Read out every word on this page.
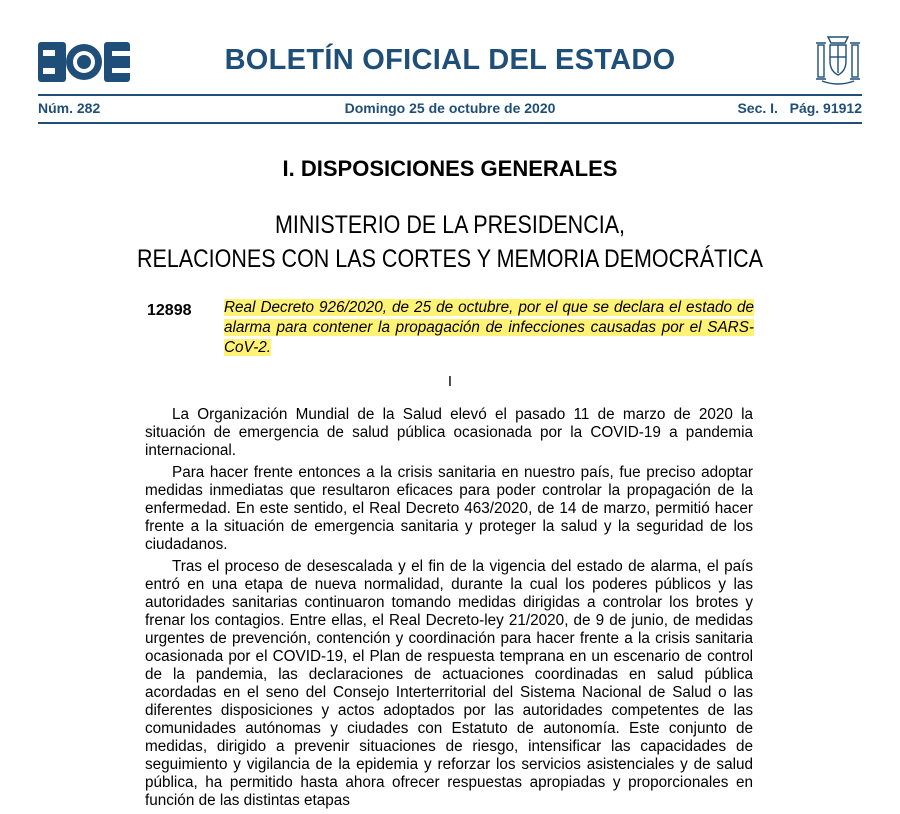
BOLETÍN OFICIAL DEL ESTADO
Núm. 282	Domingo 25 de octubre de 2020	Sec. I.   Pág. 91912
I. DISPOSICIONES GENERALES
MINISTERIO DE LA PRESIDENCIA,
RELACIONES CON LAS CORTES Y MEMORIA DEMOCRÁTICA
12898 Real Decreto 926/2020, de 25 de octubre, por el que se declara el estado de alarma para contener la propagación de infecciones causadas por el SARS-CoV-2.
I

La Organización Mundial de la Salud elevó el pasado 11 de marzo de 2020 la situación de emergencia de salud pública ocasionada por la COVID-19 a pandemia internacional.

Para hacer frente entonces a la crisis sanitaria en nuestro país, fue preciso adoptar medidas inmediatas que resultaron eficaces para poder controlar la propagación de la enfermedad. En este sentido, el Real Decreto 463/2020, de 14 de marzo, permitió hacer frente a la situación de emergencia sanitaria y proteger la salud y la seguridad de los ciudadanos.

Tras el proceso de desescalada y el fin de la vigencia del estado de alarma, el país entró en una etapa de nueva normalidad, durante la cual los poderes públicos y las autoridades sanitarias continuaron tomando medidas dirigidas a controlar los brotes y frenar los contagios. Entre ellas, el Real Decreto-ley 21/2020, de 9 de junio, de medidas urgentes de prevención, contención y coordinación para hacer frente a la crisis sanitaria ocasionada por el COVID-19, el Plan de respuesta temprana en un escenario de control de la pandemia, las declaraciones de actuaciones coordinadas en salud pública acordadas en el seno del Consejo Interterritorial del Sistema Nacional de Salud o las diferentes disposiciones y actos adoptados por las autoridades competentes de las comunidades autónomas y ciudades con Estatuto de autonomía. Este conjunto de medidas, dirigido a prevenir situaciones de riesgo, intensificar las capacidades de seguimiento y vigilancia de la epidemia y reforzar los servicios asistenciales y de salud pública, ha permitido hasta ahora ofrecer respuestas apropiadas y proporcionales en función de las distintas etapas
